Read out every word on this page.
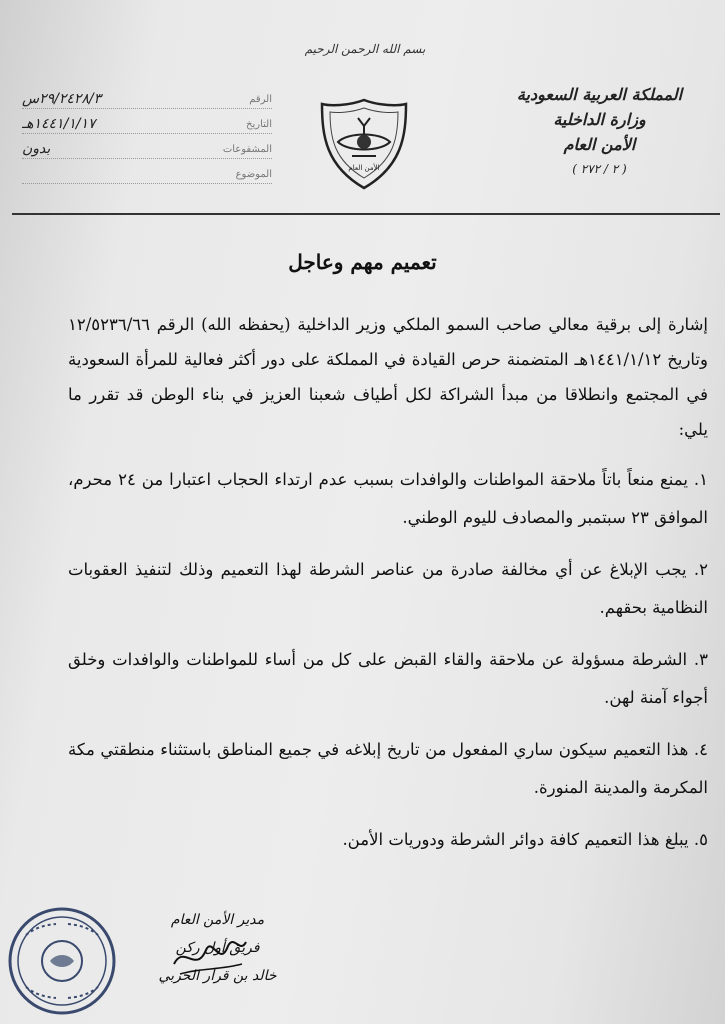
بسم الله الرحمن الرحيم
المملكة العربية السعودية
وزارة الداخلية
الأمن العام
( ٢ / ٢٧٢ )
الأمن العام
الرقم
٢٩/٢٤٢٨/٣س
التاريخ
١٤٤١/١/١٧هـ
المشفوعات
بدون
الموضوع
تعميم مهم وعاجل

إشارة إلى برقية معالي صاحب السمو الملكي وزير الداخلية (يحفظه الله) الرقم ١٢/٥٢٣٦/٦٦ وتاريخ ١٤٤١/١/١٢هـ المتضمنة حرص القيادة في المملكة على دور أكثر فعالية للمرأة السعودية في المجتمع وانطلاقا من مبدأ الشراكة لكل أطياف شعبنا العزيز في بناء الوطن قد تقرر ما يلي:

١. يمنع منعاً باتاً ملاحقة المواطنات والوافدات بسبب عدم ارتداء الحجاب اعتبارا من ٢٤ محرم، الموافق ٢٣ سبتمبر والمصادف لليوم الوطني.

٢. يجب الإبلاغ عن أي مخالفة صادرة من عناصر الشرطة لهذا التعميم وذلك لتنفيذ العقوبات النظامية بحقهم.

٣. الشرطة مسؤولة عن ملاحقة والقاء القبض على كل من أساء للمواطنات والوافدات وخلق أجواء آمنة لهن.

٤. هذا التعميم سيكون ساري المفعول من تاريخ إبلاغه في جميع المناطق باستثناء منطقتي مكة المكرمة والمدينة المنورة.

٥. يبلغ هذا التعميم كافة دوائر الشرطة ودوريات الأمن.

مدير الأمن العام
فريق أول ركن
خالد بن قرار الحربي
